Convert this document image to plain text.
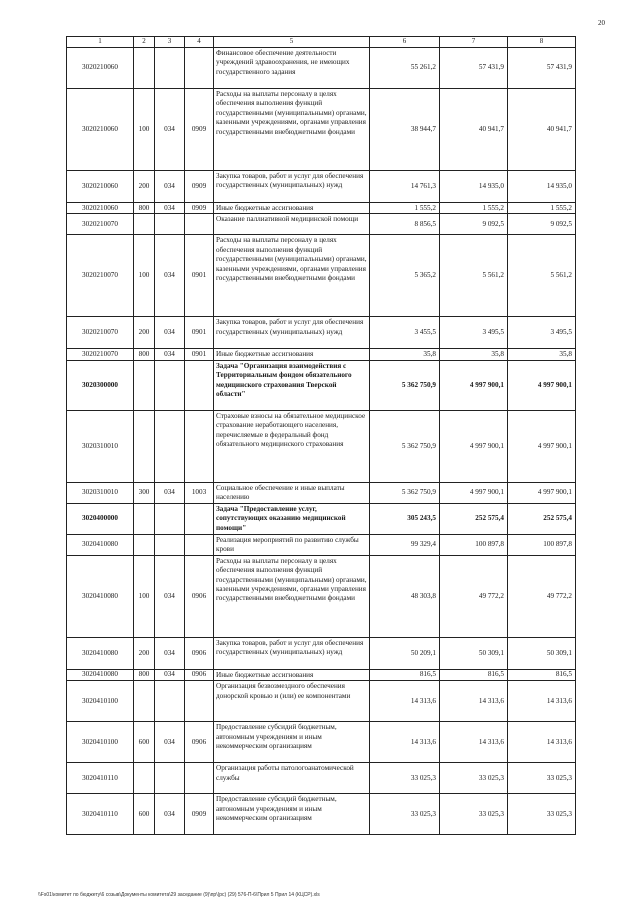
20
1	2	3	4	5	6	7	8
3020210060				Финансовое обеспечение деятельности учреждений здравоохранения, не имеющих государственного задания	55 261,2	57 431,9	57 431,9
3020210060	100	034	0909	Расходы на выплаты персоналу в целях обеспечения выполнения функций государственными (муниципальными) органами, казенными учреждениями, органами управления государственными внебюджетными фондами	38 944,7	40 941,7	40 941,7
3020210060	200	034	0909	Закупка товаров, работ и услуг для обеспечения государственных (муниципальных) нужд	14 761,3	14 935,0	14 935,0
3020210060	800	034	0909	Иные бюджетные ассигнования	1 555,2	1 555,2	1 555,2
3020210070				Оказание паллиативной медицинской помощи	8 856,5	9 092,5	9 092,5
3020210070	100	034	0901	Расходы на выплаты персоналу в целях обеспечения выполнения функций государственными (муниципальными) органами, казенными учреждениями, органами управления государственными внебюджетными фондами	5 365,2	5 561,2	5 561,2
3020210070	200	034	0901	Закупка товаров, работ и услуг для обеспечения государственных (муниципальных) нужд	3 455,5	3 495,5	3 495,5
3020210070	800	034	0901	Иные бюджетные ассигнования	35,8	35,8	35,8
3020300000				Задача "Организация взаимодействия с Территориальным фондом обязательного медицинского страхования Тверской области"	5 362 750,9	4 997 900,1	4 997 900,1
3020310010				Страховые взносы на обязательное медицинское страхование неработающего населения, перечисляемые в федеральный фонд обязательного медицинского страхования	5 362 750,9	4 997 900,1	4 997 900,1
3020310010	300	034	1003	Социальное обеспечение и иные выплаты населению	5 362 750,9	4 997 900,1	4 997 900,1
3020400000				Задача "Предоставление услуг, сопутствующих оказанию медицинской помощи"	305 243,5	252 575,4	252 575,4
3020410080				Реализация мероприятий по развитию службы крови	99 329,4	100 897,8	100 897,8
3020410080	100	034	0906	Расходы на выплаты персоналу в целях обеспечения выполнения функций государственными (муниципальными) органами, казенными учреждениями, органами управления государственными внебюджетными фондами	48 303,8	49 772,2	49 772,2
3020410080	200	034	0906	Закупка товаров, работ и услуг для обеспечения государственных (муниципальных) нужд	50 209,1	50 309,1	50 309,1
3020410080	800	034	0906	Иные бюджетные ассигнования	816,5	816,5	816,5
3020410100				Организация безвозмездного обеспечения донорской кровью и (или) ее компонентами	14 313,6	14 313,6	14 313,6
3020410100	600	034	0906	Предоставление субсидий бюджетным, автономным учреждениям и иным некоммерческим организациям	14 313,6	14 313,6	14 313,6
3020410110				Организация работы патологоанатомической службы	33 025,3	33 025,3	33 025,3
3020410110	600	034	0909	Предоставление субсидий бюджетным, автономным учреждениям и иным некоммерческим организациям	33 025,3	33 025,3	33 025,3
\\Fs01\комитет по бюджету\6 созыв\Документы комитета\29 заседание (9)\пр\(рс) (29) 576-П-6\Прил 5 Прил 14 (КЦСР).xls
